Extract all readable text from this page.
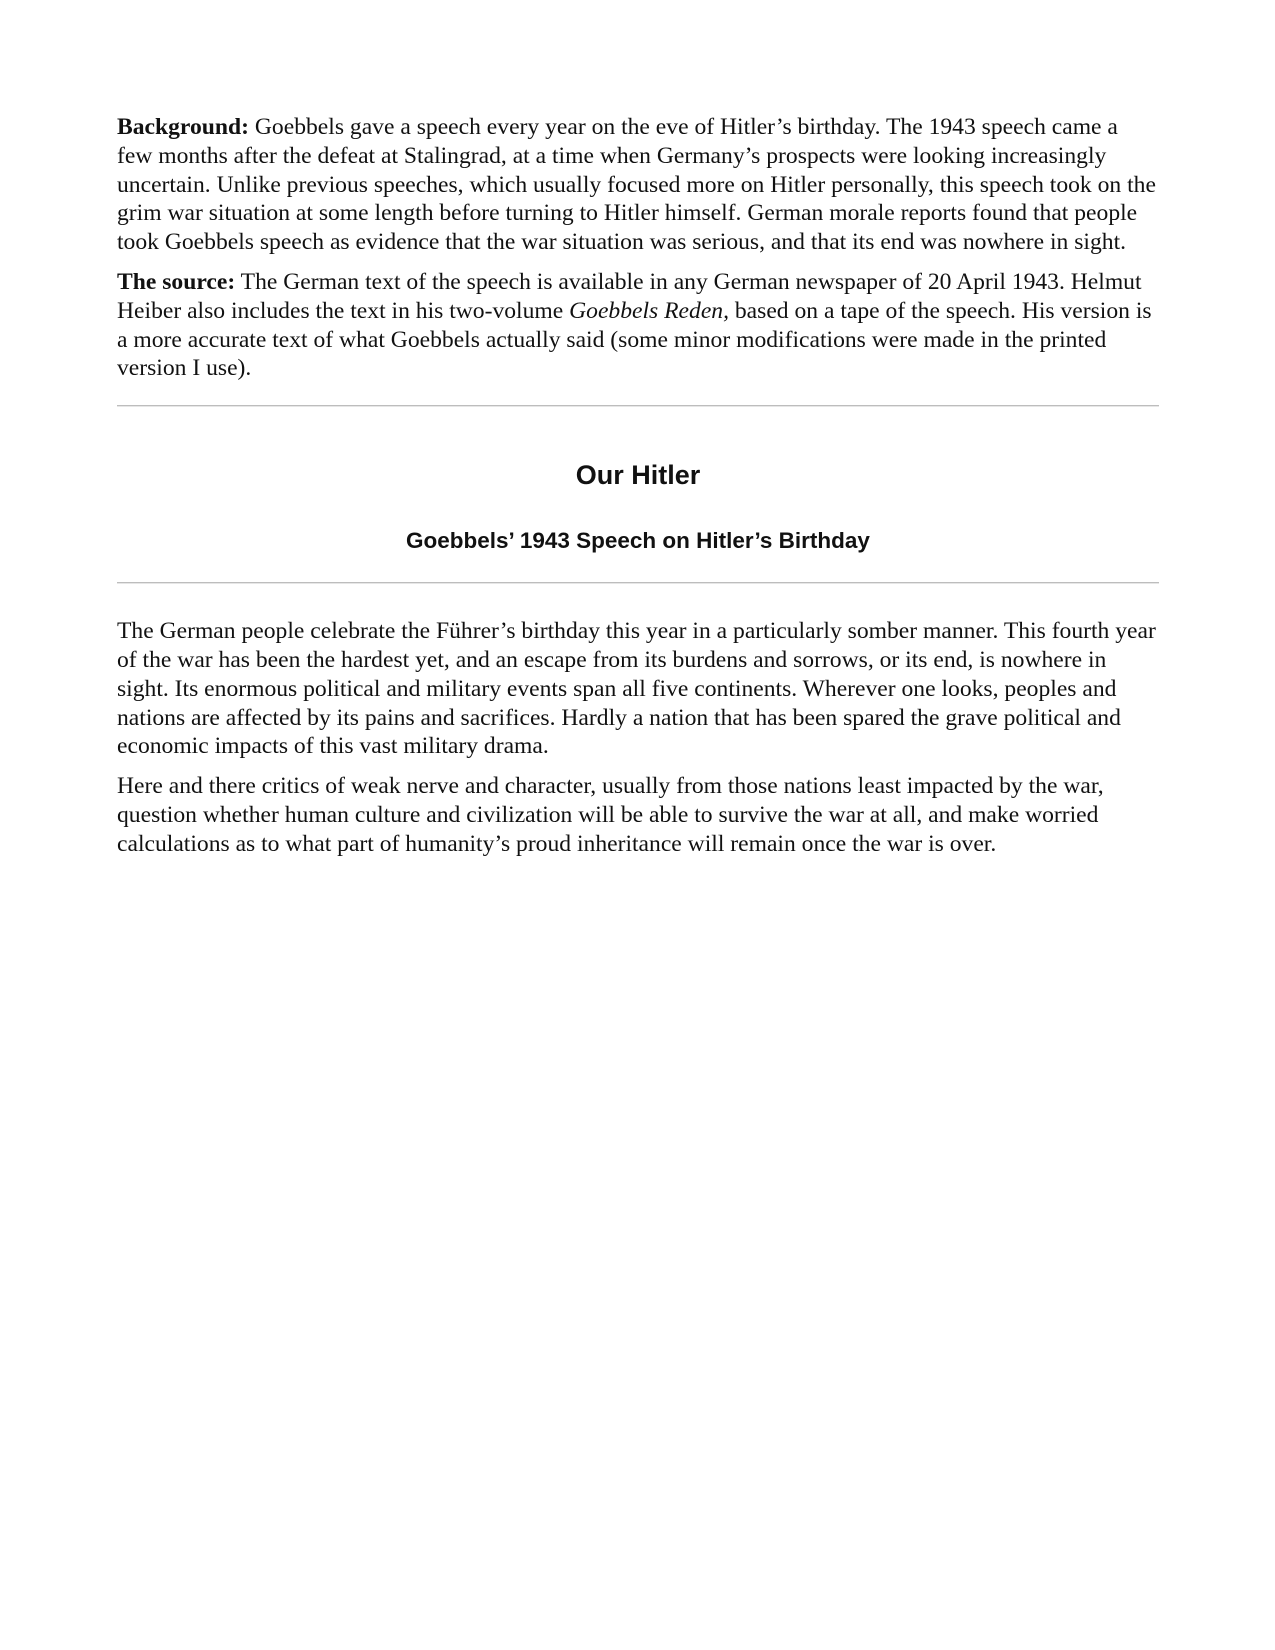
Background: Goebbels gave a speech every year on the eve of Hitler’s birthday. The 1943 speech came a few months after the defeat at Stalingrad, at a time when Germany’s prospects were looking increasingly uncertain. Unlike previous speeches, which usually focused more on Hitler personally, this speech took on the grim war situation at some length before turning to Hitler himself. German morale reports found that people took Goebbels speech as evidence that the war situation was serious, and that its end was nowhere in sight.

The source: The German text of the speech is available in any German newspaper of 20 April 1943. Helmut Heiber also includes the text in his two-volume Goebbels Reden, based on a tape of the speech. His version is a more accurate text of what Goebbels actually said (some minor modifications were made in the printed version I use).

Our Hitler
Goebbels’ 1943 Speech on Hitler’s Birthday

The German people celebrate the Führer’s birthday this year in a particularly somber manner. This fourth year of the war has been the hardest yet, and an escape from its burdens and sorrows, or its end, is nowhere in sight. Its enormous political and military events span all five continents. Wherever one looks, peoples and nations are affected by its pains and sacrifices. Hardly a nation that has been spared the grave political and economic impacts of this vast military drama.

Here and there critics of weak nerve and character, usually from those nations least impacted by the war, question whether human culture and civilization will be able to survive the war at all, and make worried calculations as to what part of humanity’s proud inheritance will remain once the war is over.
